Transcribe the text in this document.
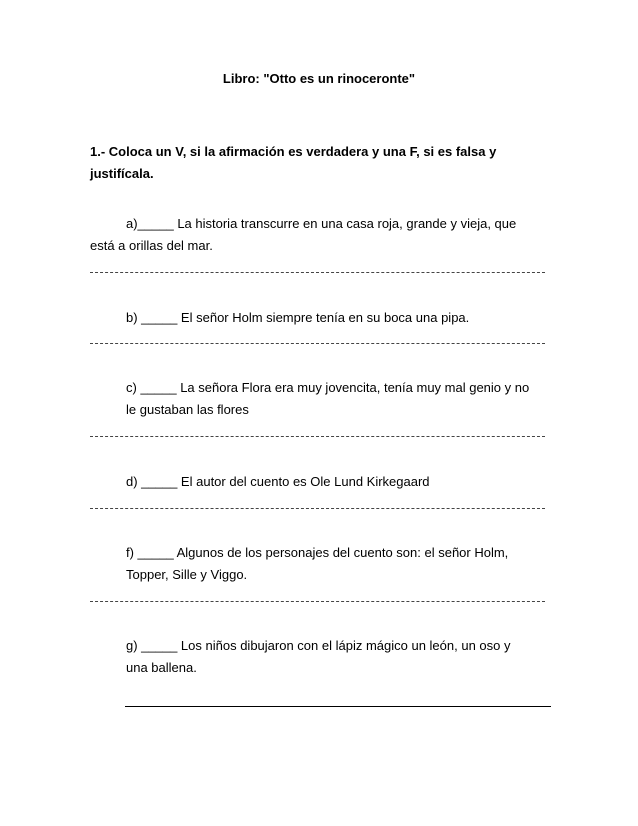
Libro: "Otto es un rinoceronte"
1.- Coloca un V, si la afirmación es verdadera y una F, si es falsa y
justifícala.
a)_____ La historia transcurre en una casa roja, grande y vieja, que
está a orillas del mar.
b) _____ El señor Holm siempre tenía en su boca una pipa.
c) _____ La señora Flora era muy jovencita, tenía muy mal genio y no
le gustaban las flores
d) _____ El autor del cuento es Ole Lund Kirkegaard
f) _____ Algunos de los personajes del cuento son: el señor Holm,
Topper, Sille y Viggo.
g) _____ Los niños dibujaron con el lápiz mágico un león, un oso y
una ballena.
